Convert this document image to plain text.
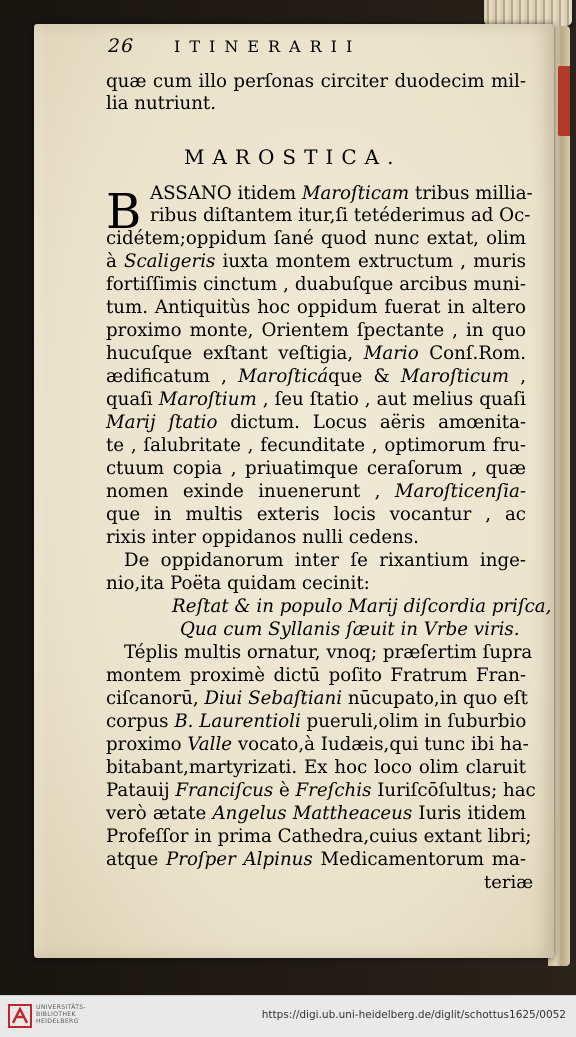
26 ITINERARII
quæ cum illo perſonas circiter duodecim mil-
lia nutriunt.
MAROSTICA.
B ASSANO itidem Maroſticam tribus millia-
ribus diſtantem itur,ſi tetéderimus ad Oc-
cidétem;oppidum ſané quod nunc extat, olim
à Scaligeris iuxta montem extructum , muris
fortiſſimis cinctum , duabuſque arcibus muni-
tum. Antiquitùs hoc oppidum fuerat in altero
proximo monte, Orientem ſpectante , in quo
hucuſque exſtant veſtigia, Mario Conſ.Rom.
ædificatum , Maroſticáque & Maroſticum ,
quaſi Maroſtium , ſeu ſtatio , aut melius quaſi
Marij ſtatio dictum. Locus aëris amœnita-
te , ſalubritate , fecunditate , optimorum fru-
ctuum copia , priuatimque ceraſorum , quæ
nomen exinde inuenerunt , Maroſticenſia-
que in multis exteris locis vocantur , ac
rixis inter oppidanos nulli cedens.
De oppidanorum inter ſe rixantium inge-
nio,ita Poëta quidam cecinit:
Reſtat & in populo Marij diſcordia priſca,
Qua cum Syllanis ſæuit in Vrbe viris.
Téplis multis ornatur, vnoq; præſertim ſupra
montem proximè dictū poſito Fratrum Fran-
ciſcanorū, Diui Sebaſtiani nūcupato,in quo eſt
corpus B. Laurentioli pueruli,olim in ſuburbio
proximo Valle vocato,à Iudæis,qui tunc ibi ha-
bitabant,martyrizati. Ex hoc loco olim claruit
Patauij Franciſcus è Freſchis Iuriſcōſultus; hac
verò ætate Angelus Mattheaceus Iuris itidem
Profeſſor in prima Cathedra,cuius extant libri;
atque Proſper Alpinus Medicamentorum ma-
teriæ
UNIVERSITÄTS-
BIBLIOTHEK
HEIDELBERG
https://digi.ub.uni-heidelberg.de/diglit/schottus1625/0052
